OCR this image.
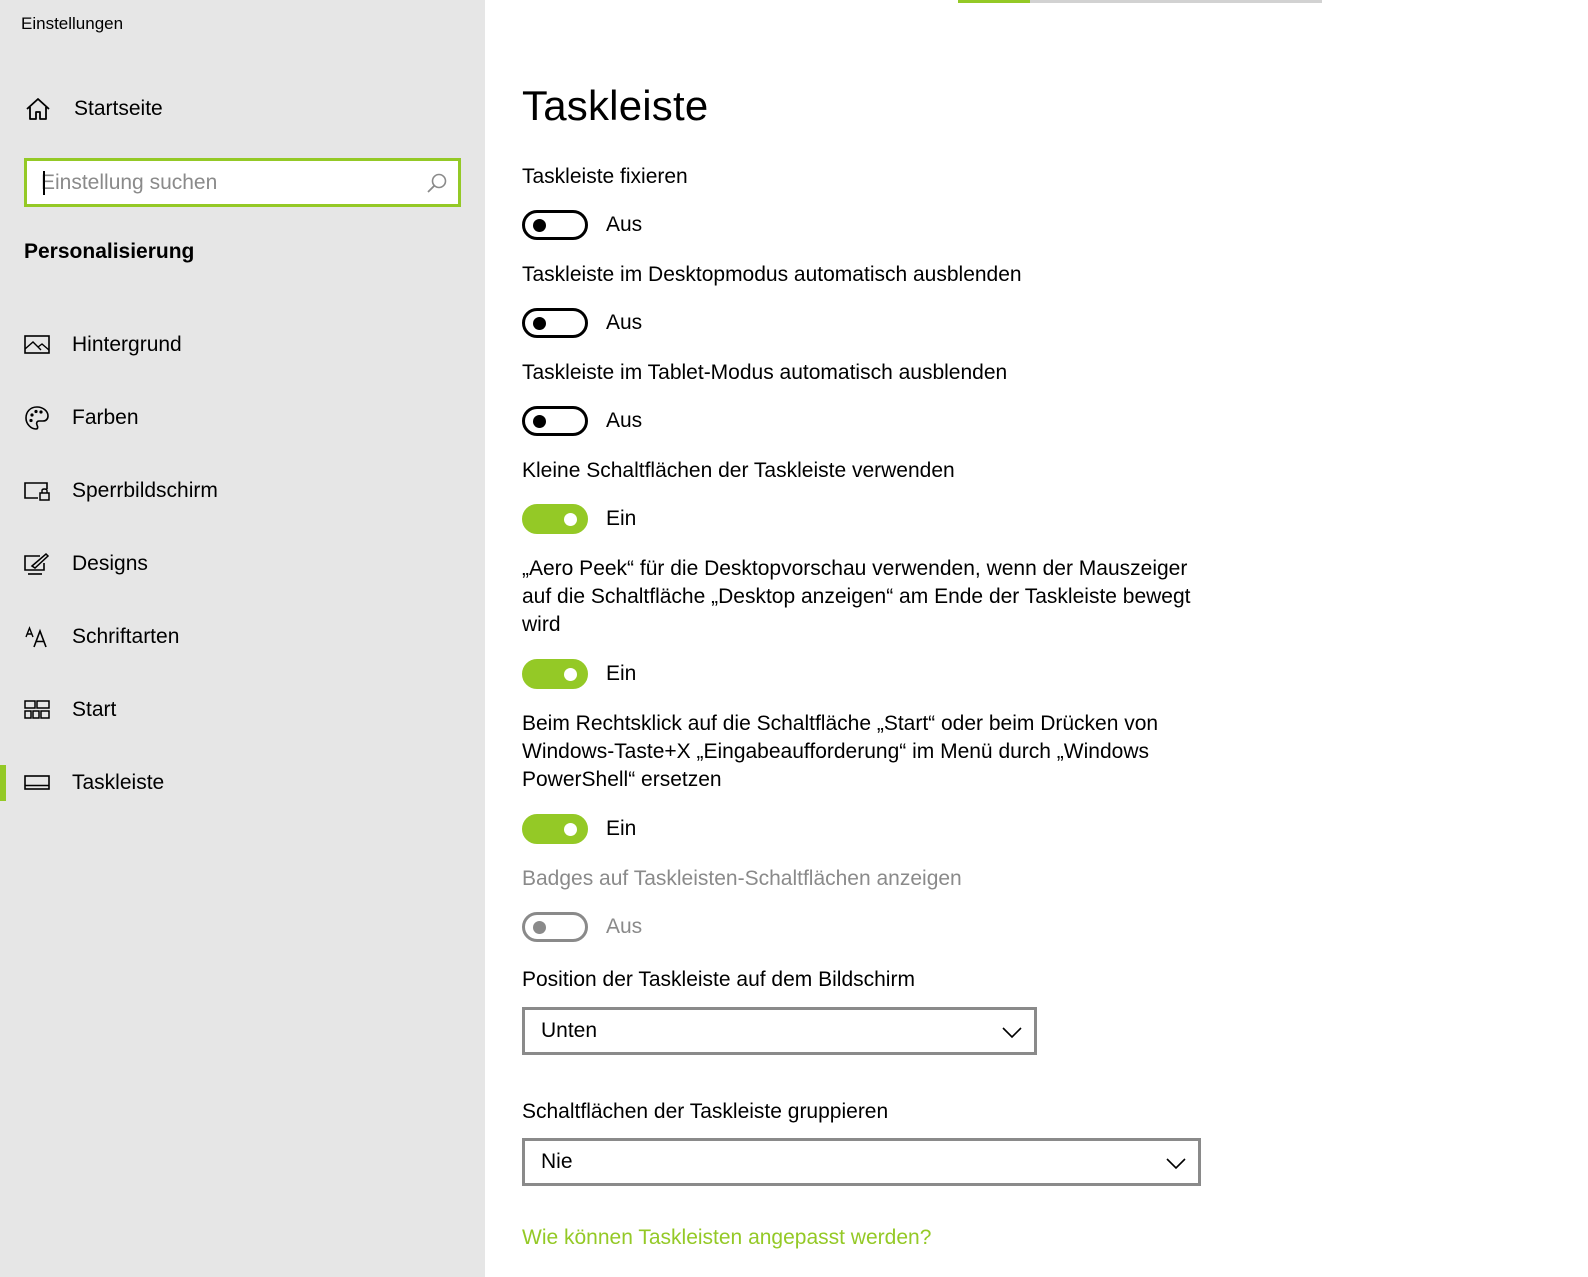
Einstellungen
Startseite
Einstellung suchen
Personalisierung
Hintergrund
Farben
Sperrbildschirm
Designs
Schriftarten
Start
Taskleiste
Taskleiste
Taskleiste fixieren
Aus
Taskleiste im Desktopmodus automatisch ausblenden
Aus
Taskleiste im Tablet-Modus automatisch ausblenden
Aus
Kleine Schaltflächen der Taskleiste verwenden
Ein
„Aero Peek“ für die Desktopvorschau verwenden, wenn der Mauszeiger auf die Schaltfläche „Desktop anzeigen“ am Ende der Taskleiste bewegt wird
Ein
Beim Rechtsklick auf die Schaltfläche „Start“ oder beim Drücken von Windows-Taste+X „Eingabeaufforderung“ im Menü durch „Windows PowerShell“ ersetzen
Ein
Badges auf Taskleisten-Schaltflächen anzeigen
Aus
Position der Taskleiste auf dem Bildschirm
Unten
Schaltflächen der Taskleiste gruppieren
Nie
Wie können Taskleisten angepasst werden?
